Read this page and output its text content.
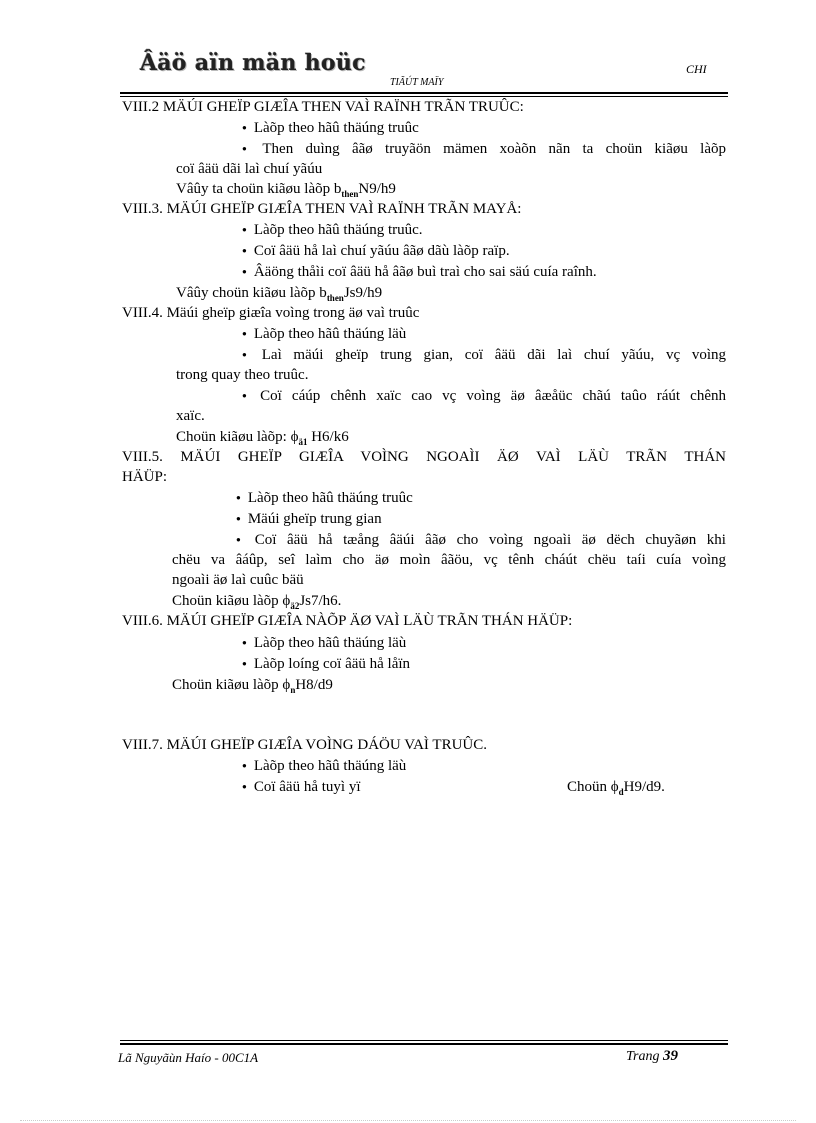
Âäö aïn män hoüc	CHI
TIÃÚT MAÏY
VIII.2 MÄÚI GHEÏP GIÆÎA THEN VAÌ RAÏNH TRÃN TRUÛC:
● Làõp theo hãû thäúng truûc
● Then duìng âãø truyãön mämen xoàõn nãn ta choün kiãøu làõp
coï âäü dãi laì chuí yãúu
Vâûy ta choün kiãøu làõp $b_{then}N9/h9$
VIII.3. MÄÚI GHEÏP GIÆÎA THEN VAÌ RAÏNH TRÃN MAYÅ:
● Làõp theo hãû thäúng truûc.
● Coï âäü hå laì chuí yãúu âãø dãù làõp raïp.
● Âäöng thåìi coï âäü hå âãø buì traì cho sai säú cuía raînh.
Vâûy choün kiãøu làõp $b_{then}Js9/h9$
VIII.4. Mäúi gheïp giæîa voìng trong äø vaì truûc
● Làõp theo hãû thäúng läù
● Laì mäúi gheïp trung gian, coï âäü dãi laì chuí yãúu, vç voìng
trong quay theo truûc.
● Coï cáúp chênh xaïc cao vç voìng äø âæåüc chãú taûo ráút chênh
xaïc.
Choün kiãøu làõp: $\phi_{ä1}$ H6/k6
VIII.5. MÄÚI GHEÏP GIÆÎA VOÌNG NGOAÌI ÄØ VAÌ LÄÙ TRÃN THÁN
HÄÜP:
● Làõp theo hãû thäúng truûc
● Mäúi gheïp trung gian
● Coï âäü hå tæång âäúi âãø cho voìng ngoaìi äø dëch chuyãøn khi
chëu va âáûp, seî laìm cho äø moìn âãöu, vç tênh cháút chëu taíi cuía voìng
ngoaìi äø laì cuûc bäü
Choün kiãøu làõp $\phi_{ä2}Js7/h6$.
VIII.6. MÄÚI GHEÏP GIÆÎA NÀÕP ÄØ VAÌ LÄÙ TRÃN THÁN HÄÜP:
● Làõp theo hãû thäúng läù
● Làõp loíng coï âäü hå låïn
Choün kiãøu làõp $\phi_nH8/d9$
VIII.7. MÄÚI GHEÏP GIÆÎA VOÌNG DÁÖU VAÌ TRUÛC.
● Làõp theo hãû thäúng läù
● Coï âäü hå tuyì yï	Choün $\phi_dH9/d9$.
Lã Nguyãùn Haío - 00C1A	Trang 39
